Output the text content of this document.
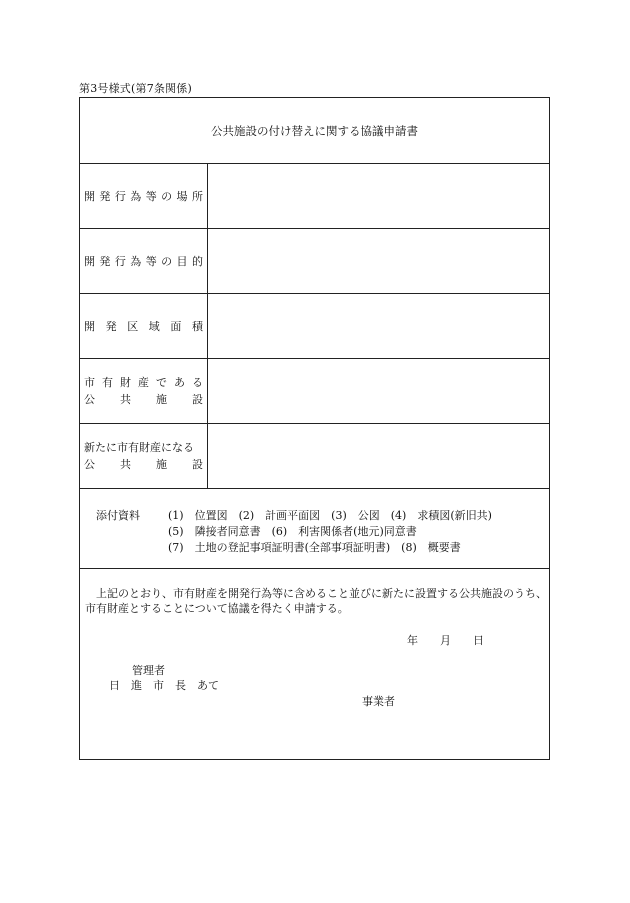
第3号様式(第7条関係)
公共施設の付け替えに関する協議申請書
開 発 行 為 等 の 場 所
開 発 行 為 等 の 目 的
開 発 区 域 面 積
市 有 財 産 で あ る
公 共 施 設
新たに市有財産になる
公 共 施 設
添付資料	(1)　位置図　(2)　計画平面図　(3)　公図　(4)　求積図(新旧共)
(5)　隣接者同意書　(6)　利害関係者(地元)同意書
(7)　土地の登記事項証明書(全部事項証明書)　(8)　概要書
上記のとおり、市有財産を開発行為等に含めること並びに新たに設置する公共施設のうち、市有財産とすることについて協議を得たく申請する。
年　　月　　日
管理者
日　進　市　長　あて
事業者
